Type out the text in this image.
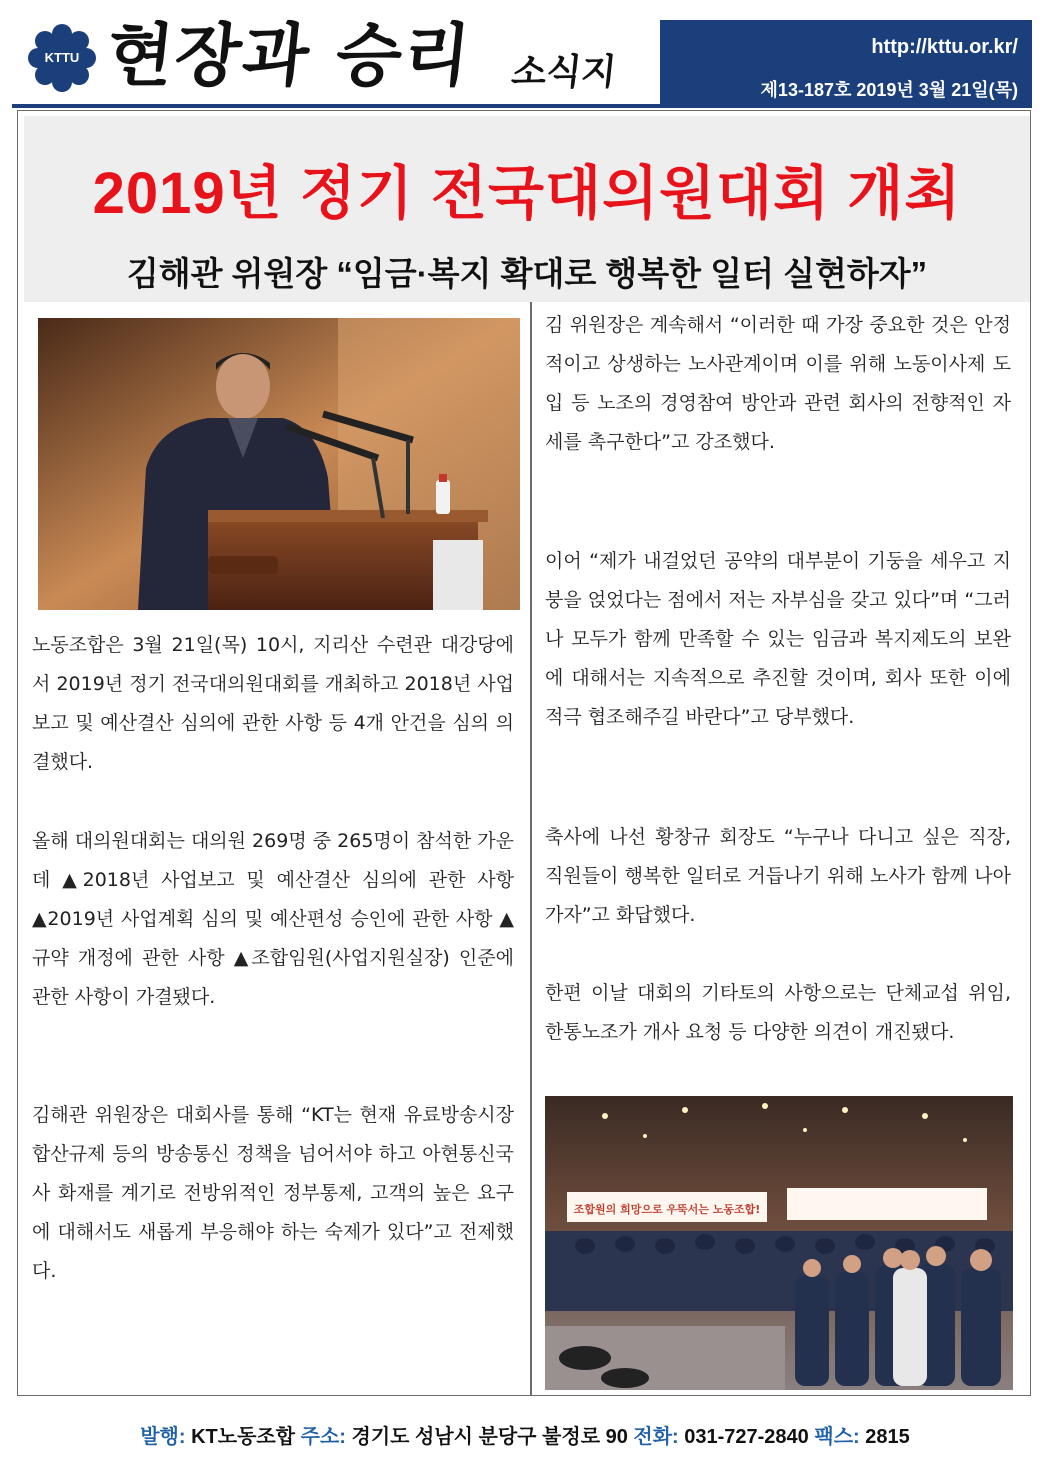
KTTU 현장과 승리 소식지
http://kttu.or.kr/
제13-187호 2019년 3월 21일(목)
2019년 정기 전국대의원대회 개최
김해관 위원장 “임금·복지 확대로 행복한 일터 실현하자”

노동조합은 3월 21일(목) 10시, 지리산 수련관 대강당에서 2019년 정기 전국대의원대회를 개최하고 2018년 사업보고 및 예산결산 심의에 관한 사항 등 4개 안건을 심의 의결했다.

올해 대의원대회는 대의원 269명 중 265명이 참석한 가운데 ▲2018년 사업보고 및 예산결산 심의에 관한 사항 ▲2019년 사업계획 심의 및 예산편성 승인에 관한 사항 ▲규약 개정에 관한 사항 ▲조합임원(사업지원실장) 인준에 관한 사항이 가결됐다.

김해관 위원장은 대회사를 통해 “KT는 현재 유료방송시장 합산규제 등의 방송통신 정책을 넘어서야 하고 아현통신국사 화재를 계기로 전방위적인 정부통제, 고객의 높은 요구에 대해서도 새롭게 부응해야 하는 숙제가 있다”고 전제했다.

김 위원장은 계속해서 “이러한 때 가장 중요한 것은 안정적이고 상생하는 노사관계이며 이를 위해 노동이사제 도입 등 노조의 경영참여 방안과 관련 회사의 전향적인 자세를 촉구한다”고 강조했다.

이어 “제가 내걸었던 공약의 대부분이 기둥을 세우고 지붕을 얹었다는 점에서 저는 자부심을 갖고 있다”며 “그러나 모두가 함께 만족할 수 있는 임금과 복지제도의 보완에 대해서는 지속적으로 추진할 것이며, 회사 또한 이에 적극 협조해주길 바란다”고 당부했다.

축사에 나선 황창규 회장도 “누구나 다니고 싶은 직장, 직원들이 행복한 일터로 거듭나기 위해 노사가 함께 나아가자”고 화답했다.

한편 이날 대회의 기타토의 사항으로는 단체교섭 위임, 한통노조가 개사 요청 등 다양한 의견이 개진됐다.

조합원의 희망으로 우뚝서는 노동조합!
발행: KT노동조합 주소: 경기도 성남시 분당구 불정로 90 전화: 031-727-2840 팩스: 2815
